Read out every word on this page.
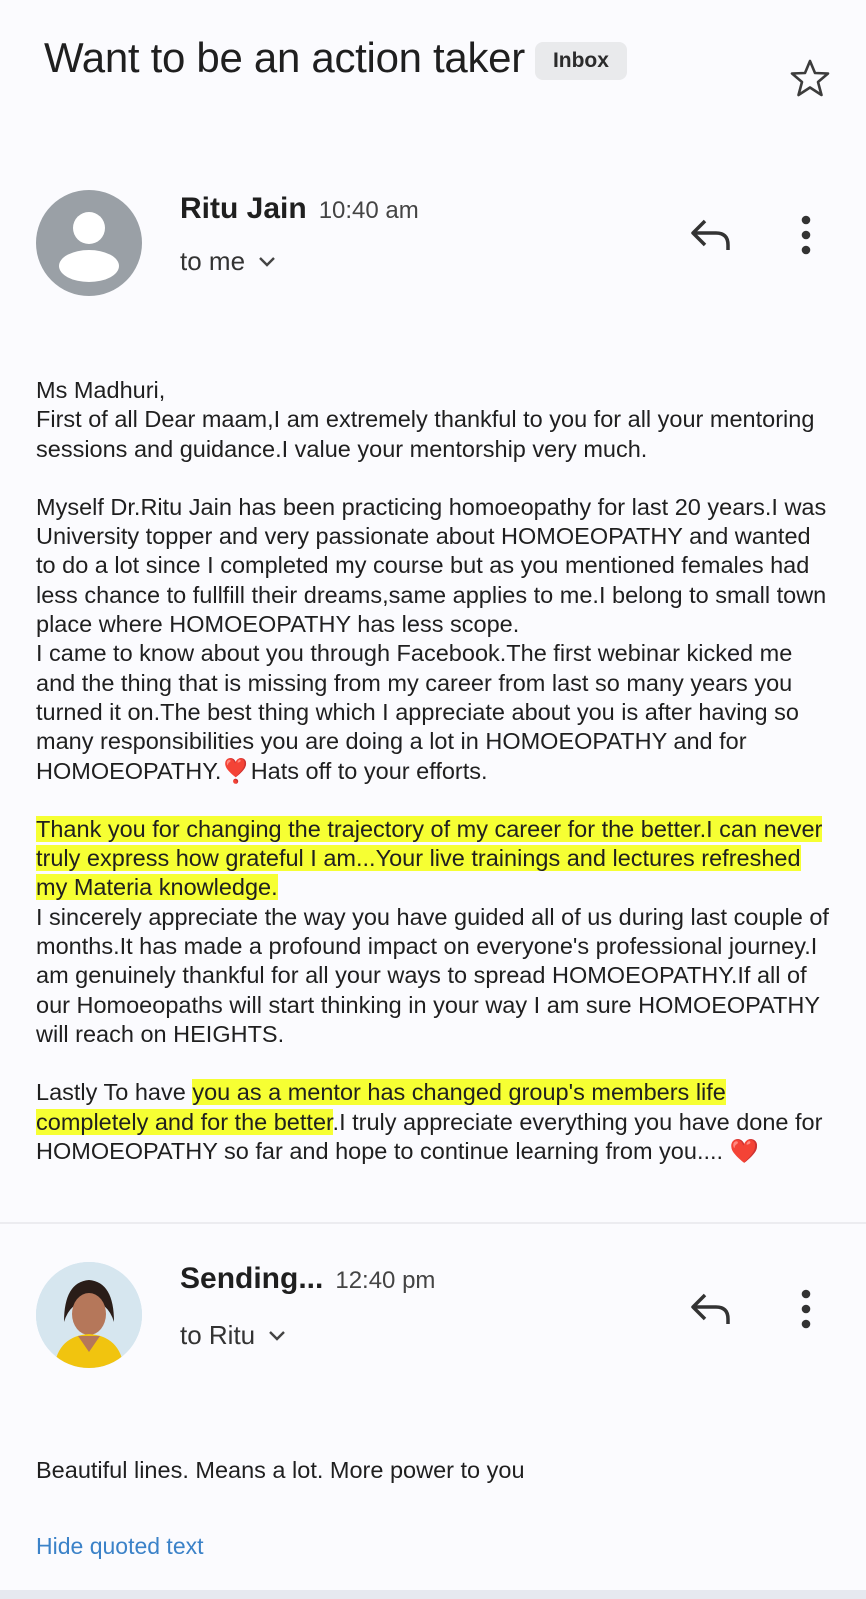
Want to be an action taker	Inbox
Ritu Jain 10:40 am
to me

Ms Madhuri,

First of all Dear maam,I am extremely thankful to you for all your mentoring sessions and guidance.I value your mentorship very much.

Myself Dr.Ritu Jain has been practicing homoeopathy for last 20 years.I was University topper and very passionate about HOMOEOPATHY and wanted to do a lot since I completed my course but as you mentioned females had less chance to fullfill their dreams,same applies to me.I belong to small town place where HOMOEOPATHY has less scope.

I came to know about you through Facebook.The first webinar kicked me and the thing that is missing from my career from last so many years you turned it on.The best thing which I appreciate about you is after having so many responsibilities you are doing a lot in HOMOEOPATHY and for HOMOEOPATHY.❣️Hats off to your efforts.

Thank you for changing the trajectory of my career for the better.I can never truly express how grateful I am...Your live trainings and lectures refreshed my Materia knowledge.

I sincerely appreciate the way you have guided all of us during last couple of months.It has made a profound impact on everyone's professional journey.I am genuinely thankful for all your ways to spread HOMOEOPATHY.If all of our Homoeopaths will start thinking in your way I am sure HOMOEOPATHY will reach on HEIGHTS.

Lastly To have you as a mentor has changed group's members life completely and for the better.I truly appreciate everything you have done for HOMOEOPATHY so far and hope to continue learning from you.... ❤️

Sending... 12:40 pm
to Ritu

Beautiful lines. Means a lot. More power to you

Hide quoted text
